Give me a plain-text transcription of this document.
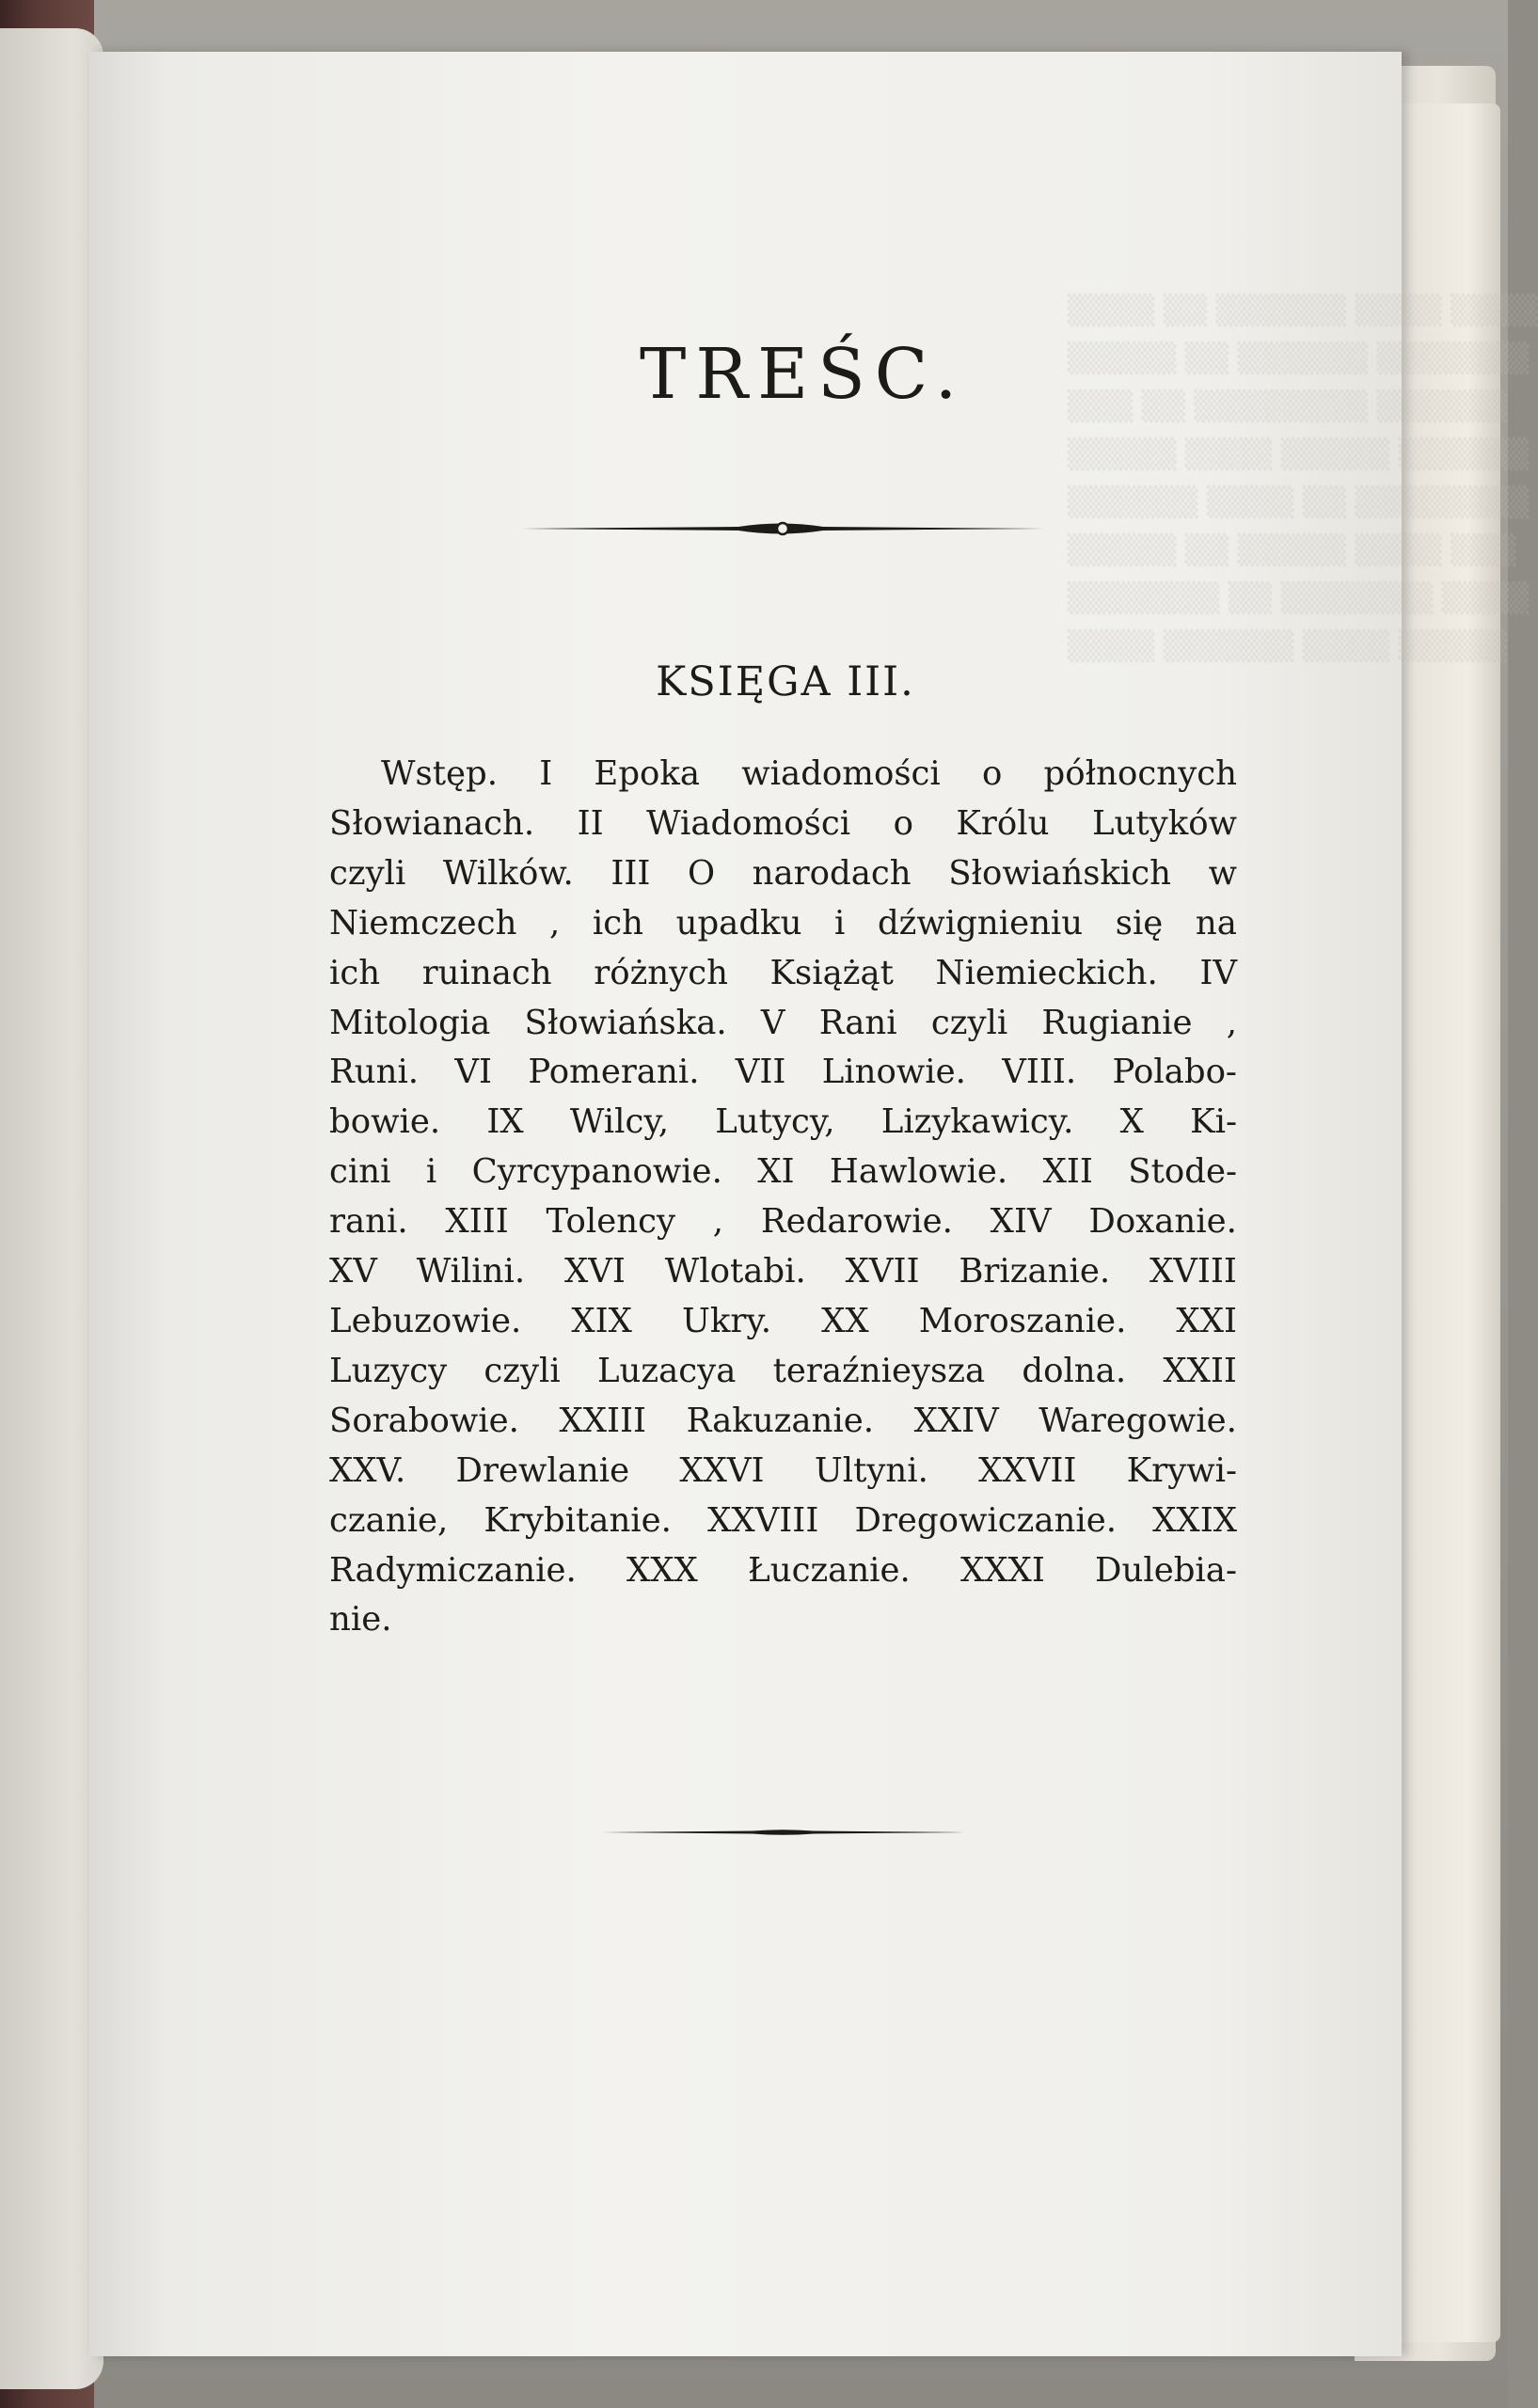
▒▒▒▒ ▒▒ ▒▒▒▒▒▒ ▒▒▒▒ ▒▒▒▒
▒▒▒▒▒ ▒▒ ▒▒▒▒▒▒ ▒▒▒▒▒▒▒
▒▒▒ ▒▒ ▒▒▒▒▒▒▒▒ ▒▒▒▒▒▒
▒▒▒▒▒ ▒▒▒▒ ▒▒▒▒▒ ▒▒▒▒▒▒
▒▒▒▒▒▒ ▒▒▒▒ ▒▒ ▒▒▒▒▒▒▒▒
▒▒▒▒▒ ▒▒ ▒▒▒▒▒ ▒▒▒▒ ▒▒▒
▒▒▒▒▒▒▒ ▒▒ ▒▒▒▒▒▒▒ ▒▒▒▒
▒▒▒▒ ▒▒▒▒▒▒ ▒▒▒▒ ▒▒▒▒▒
TREŚC.
KSIĘGA III.
Wstęp. I Epoka wiadomości o północnych
Słowianach. II Wiadomości o Królu Lutyków
czyli Wilków. III O narodach Słowiańskich w
Niemczech , ich upadku i dźwignieniu się na
ich ruinach różnych Książąt Niemieckich. IV
Mitologia Słowiańska. V Rani czyli Rugianie ,
Runi. VI Pomerani. VII Linowie. VIII. Polabo-
bowie. IX Wilcy, Lutycy, Lizykawicy. X Ki-
cini i Cyrcypanowie. XI Hawlowie. XII Stode-
rani. XIII Tolency , Redarowie. XIV Doxanie.
XV Wilini. XVI Wlotabi. XVII Brizanie. XVIII
Lebuzowie. XIX Ukry. XX Moroszanie. XXI
Luzycy czyli Luzacya teraźnieysza dolna. XXII
Sorabowie. XXIII Rakuzanie. XXIV Waregowie.
XXV. Drewlanie XXVI Ultyni. XXVII Krywi-
czanie, Krybitanie. XXVIII Dregowiczanie. XXIX
Radymiczanie. XXX Łuczanie. XXXI Dulebia-
nie.
